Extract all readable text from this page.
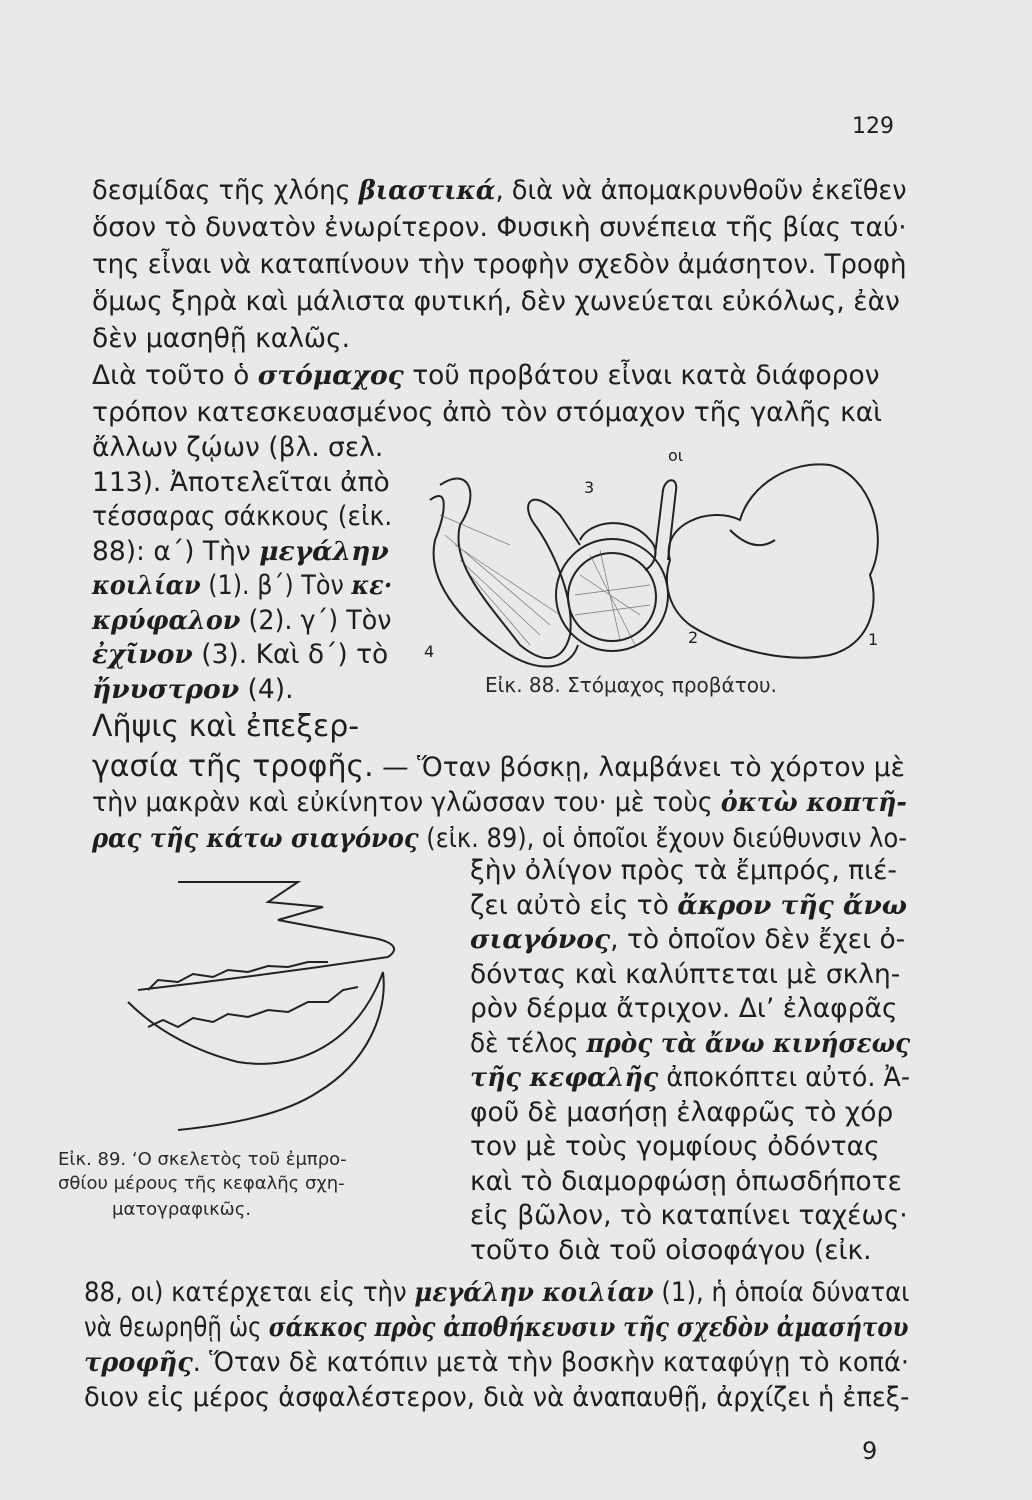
129
οι
3
4
2	1
Εἰκ. 88. Στόμαχος προβάτου.
Εἰκ. 89. ‘Ο σκελετὸς τοῦ ἐμπρο-
σθίου μέρους τῆς κεφαλῆς σχη-
ματογραφικῶς.
δεσμίδας τῆς χλόης βιαστικά, διὰ νὰ ἀπομακρυνθοῦν ἐκεῖθεν
ὅσον τὸ δυνατὸν ἐνωρίτερον. Φυσικὴ συνέπεια τῆς βίας ταύ·
της εἶναι νὰ καταπίνουν τὴν τροφὴν σχεδὸν ἀμάσητον. Τροφὴ
ὅμως ξηρὰ καὶ μάλιστα φυτική, δὲν χωνεύεται εὐκόλως, ἐὰν
δὲν μασηθῇ καλῶς.
Διὰ τοῦτο ὁ στόμαχος τοῦ προβάτου εἶναι κατὰ διάφορον
τρόπον κατεσκευασμένος ἀπὸ τὸν στόμαχον τῆς γαλῆς καὶ
ἄλλων ζῴων (βλ. σελ.
113). Ἀποτελεῖται ἀπὸ
τέσσαρας σάκκους (εἰκ.
88): α΄) Τὴν μεγάλην
κοιλίαν (1). β΄) Τὸν κε·
κρύφαλον (2). γ΄) Τὸν
ἐχῖνον (3). Καὶ δ΄) τὸ
ἤνυστρον (4).
τὴν μακρὰν καὶ εὐκίνητον γλῶσσαν του· μὲ τοὺς ὀκτὼ κοπτῆ-
ρας τῆς κάτω σιαγόνος (εἰκ. 89), οἱ ὁποῖοι ἔχουν διεύθυνσιν λο-
ξὴν ὀλίγον πρὸς τὰ ἔμπρός, πιέ-
ζει αὐτὸ εἰς τὸ ἄκρον τῆς ἄνω
σιαγόνος, τὸ ὁποῖον δὲν ἔχει ὀ-
δόντας καὶ καλύπτεται μὲ σκλη-
ρὸν δέρμα ἄτριχον. Δι’ ἐλαφρᾶς
δὲ τέλος πρὸς τὰ ἄνω κινήσεως
τῆς κεφαλῆς ἀποκόπτει αὐτό. Ἀ-
φοῦ δὲ μασήσῃ ἐλαφρῶς τὸ χόρ
τον μὲ τοὺς γομφίους ὀδόντας
καὶ τὸ διαμορφώσῃ ὁπωσδήποτε
εἰς βῶλον, τὸ καταπίνει ταχέως·
τοῦτο διὰ τοῦ οἰσοφάγου (εἰκ.
88, οι) κατέρχεται εἰς τὴν μεγάλην κοιλίαν (1), ἡ ὁποία δύναται
νὰ θεωρηθῇ ὡς σάκκος πρὸς ἀποθήκευσιν τῆς σχεδὸν ἀμασήτου
τροφῆς. Ὅταν δὲ κατόπιν μετὰ τὴν βοσκὴν καταφύγῃ τὸ κοπά·
διον εἰς μέρος ἀσφαλέστερον, διὰ νὰ ἀναπαυθῇ, ἀρχίζει ἡ ἐπεξ-
Λῆψις καὶ ἐπεξερ-
γασία τῆς τροφῆς. — Ὅταν βόσκῃ, λαμβάνει τὸ χόρτον μὲ
9
